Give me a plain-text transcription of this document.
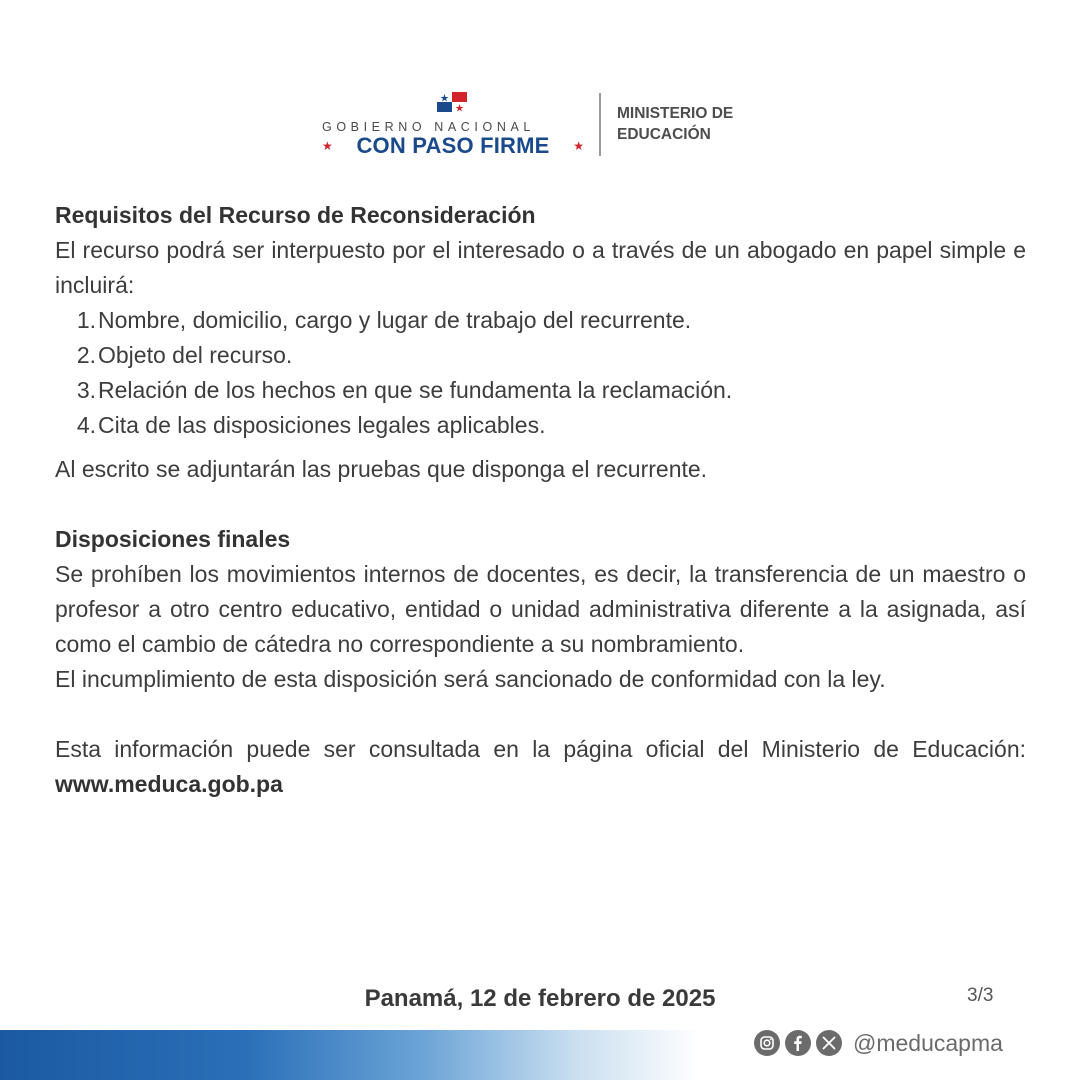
GOBIERNO NACIONAL
★ CON PASO FIRME ★
MINISTERIO DE
EDUCACIÓN
Requisitos del Recurso de Reconsideración

El recurso podrá ser interpuesto por el interesado o a través de un abogado en papel simple e incluirá:

1. Nombre, domicilio, cargo y lugar de trabajo del recurrente.
2. Objeto del recurso.
3. Relación de los hechos en que se fundamenta la reclamación.
4. Cita de las disposiciones legales aplicables.

Al escrito se adjuntarán las pruebas que disponga el recurrente.

Disposiciones finales

Se prohíben los movimientos internos de docentes, es decir, la transferencia de un maestro o profesor a otro centro educativo, entidad o unidad administrativa diferente a la asignada, así como el cambio de cátedra no correspondiente a su nombramiento.

El incumplimiento de esta disposición será sancionado de conformidad con la ley.

Esta información puede ser consultada en la página oficial del Ministerio de Educación: www.meduca.gob.pa

Panamá, 12 de febrero de 2025	3/3
@meducapma
